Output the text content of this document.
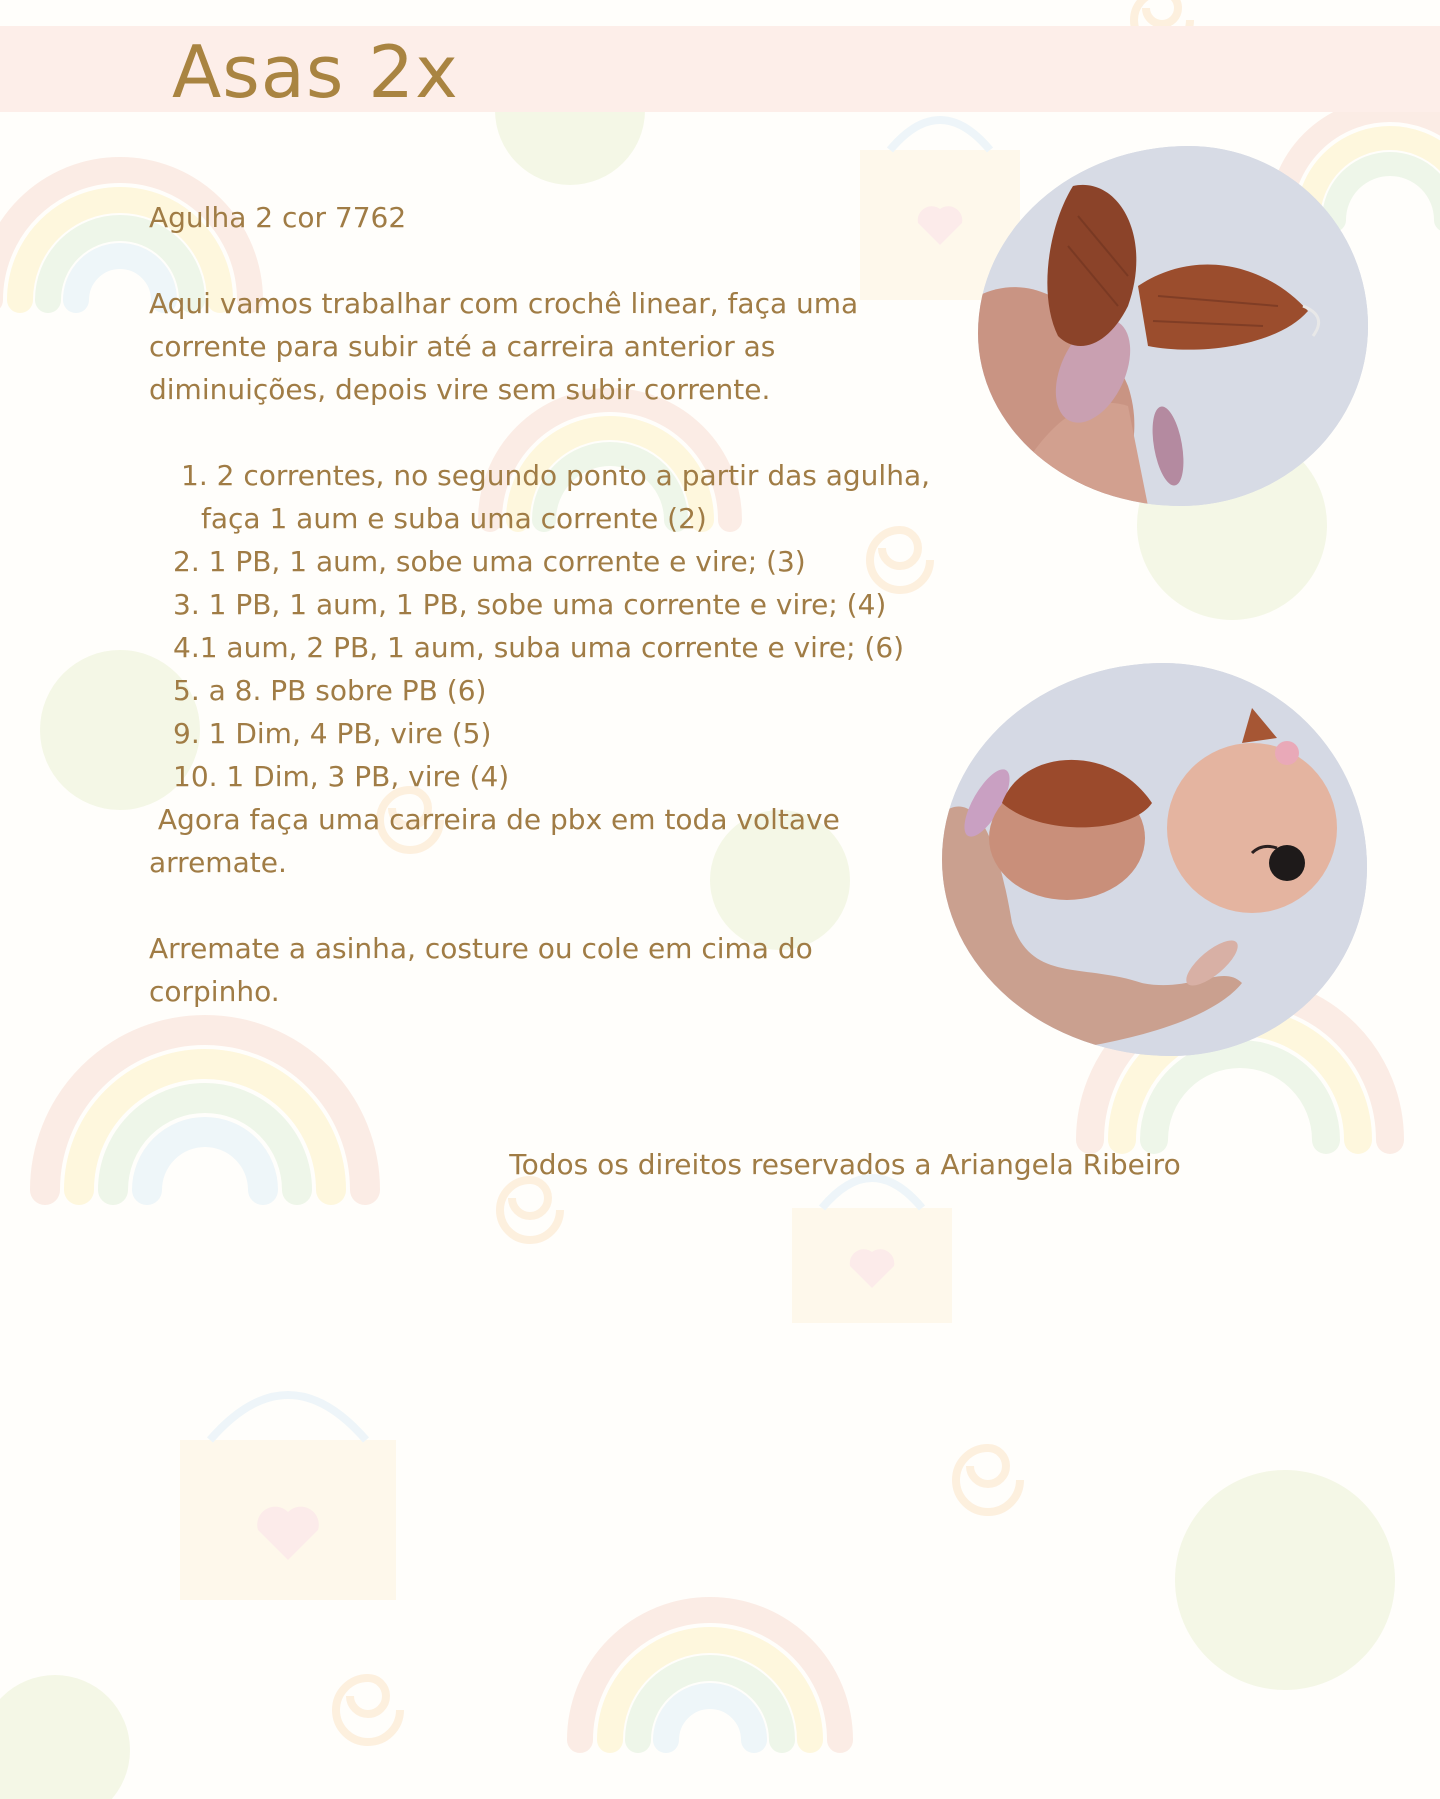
Asas 2x

Agulha 2 cor 7762

Aqui vamos trabalhar com crochê linear, faça uma

corrente para subir até a carreira anterior as

diminuições, depois vire sem subir corrente.

1. 2 correntes, no segundo ponto a partir das agulha,
faça 1 aum e suba uma corrente (2)
2. 1 PB, 1 aum, sobe uma corrente e vire; (3)
3. 1 PB, 1 aum, 1 PB, sobe uma corrente e vire; (4)
4.1 aum, 2 PB, 1 aum, suba uma corrente e vire; (6)
5. a 8. PB sobre PB (6)
9. 1 Dim, 4 PB, vire (5)
10. 1 Dim, 3 PB, vire (4)

Agora faça uma carreira de pbx em toda voltave

arremate.

Arremate a asinha, costure ou cole em cima do

corpinho.

Todos os direitos reservados a Ariangela Ribeiro
